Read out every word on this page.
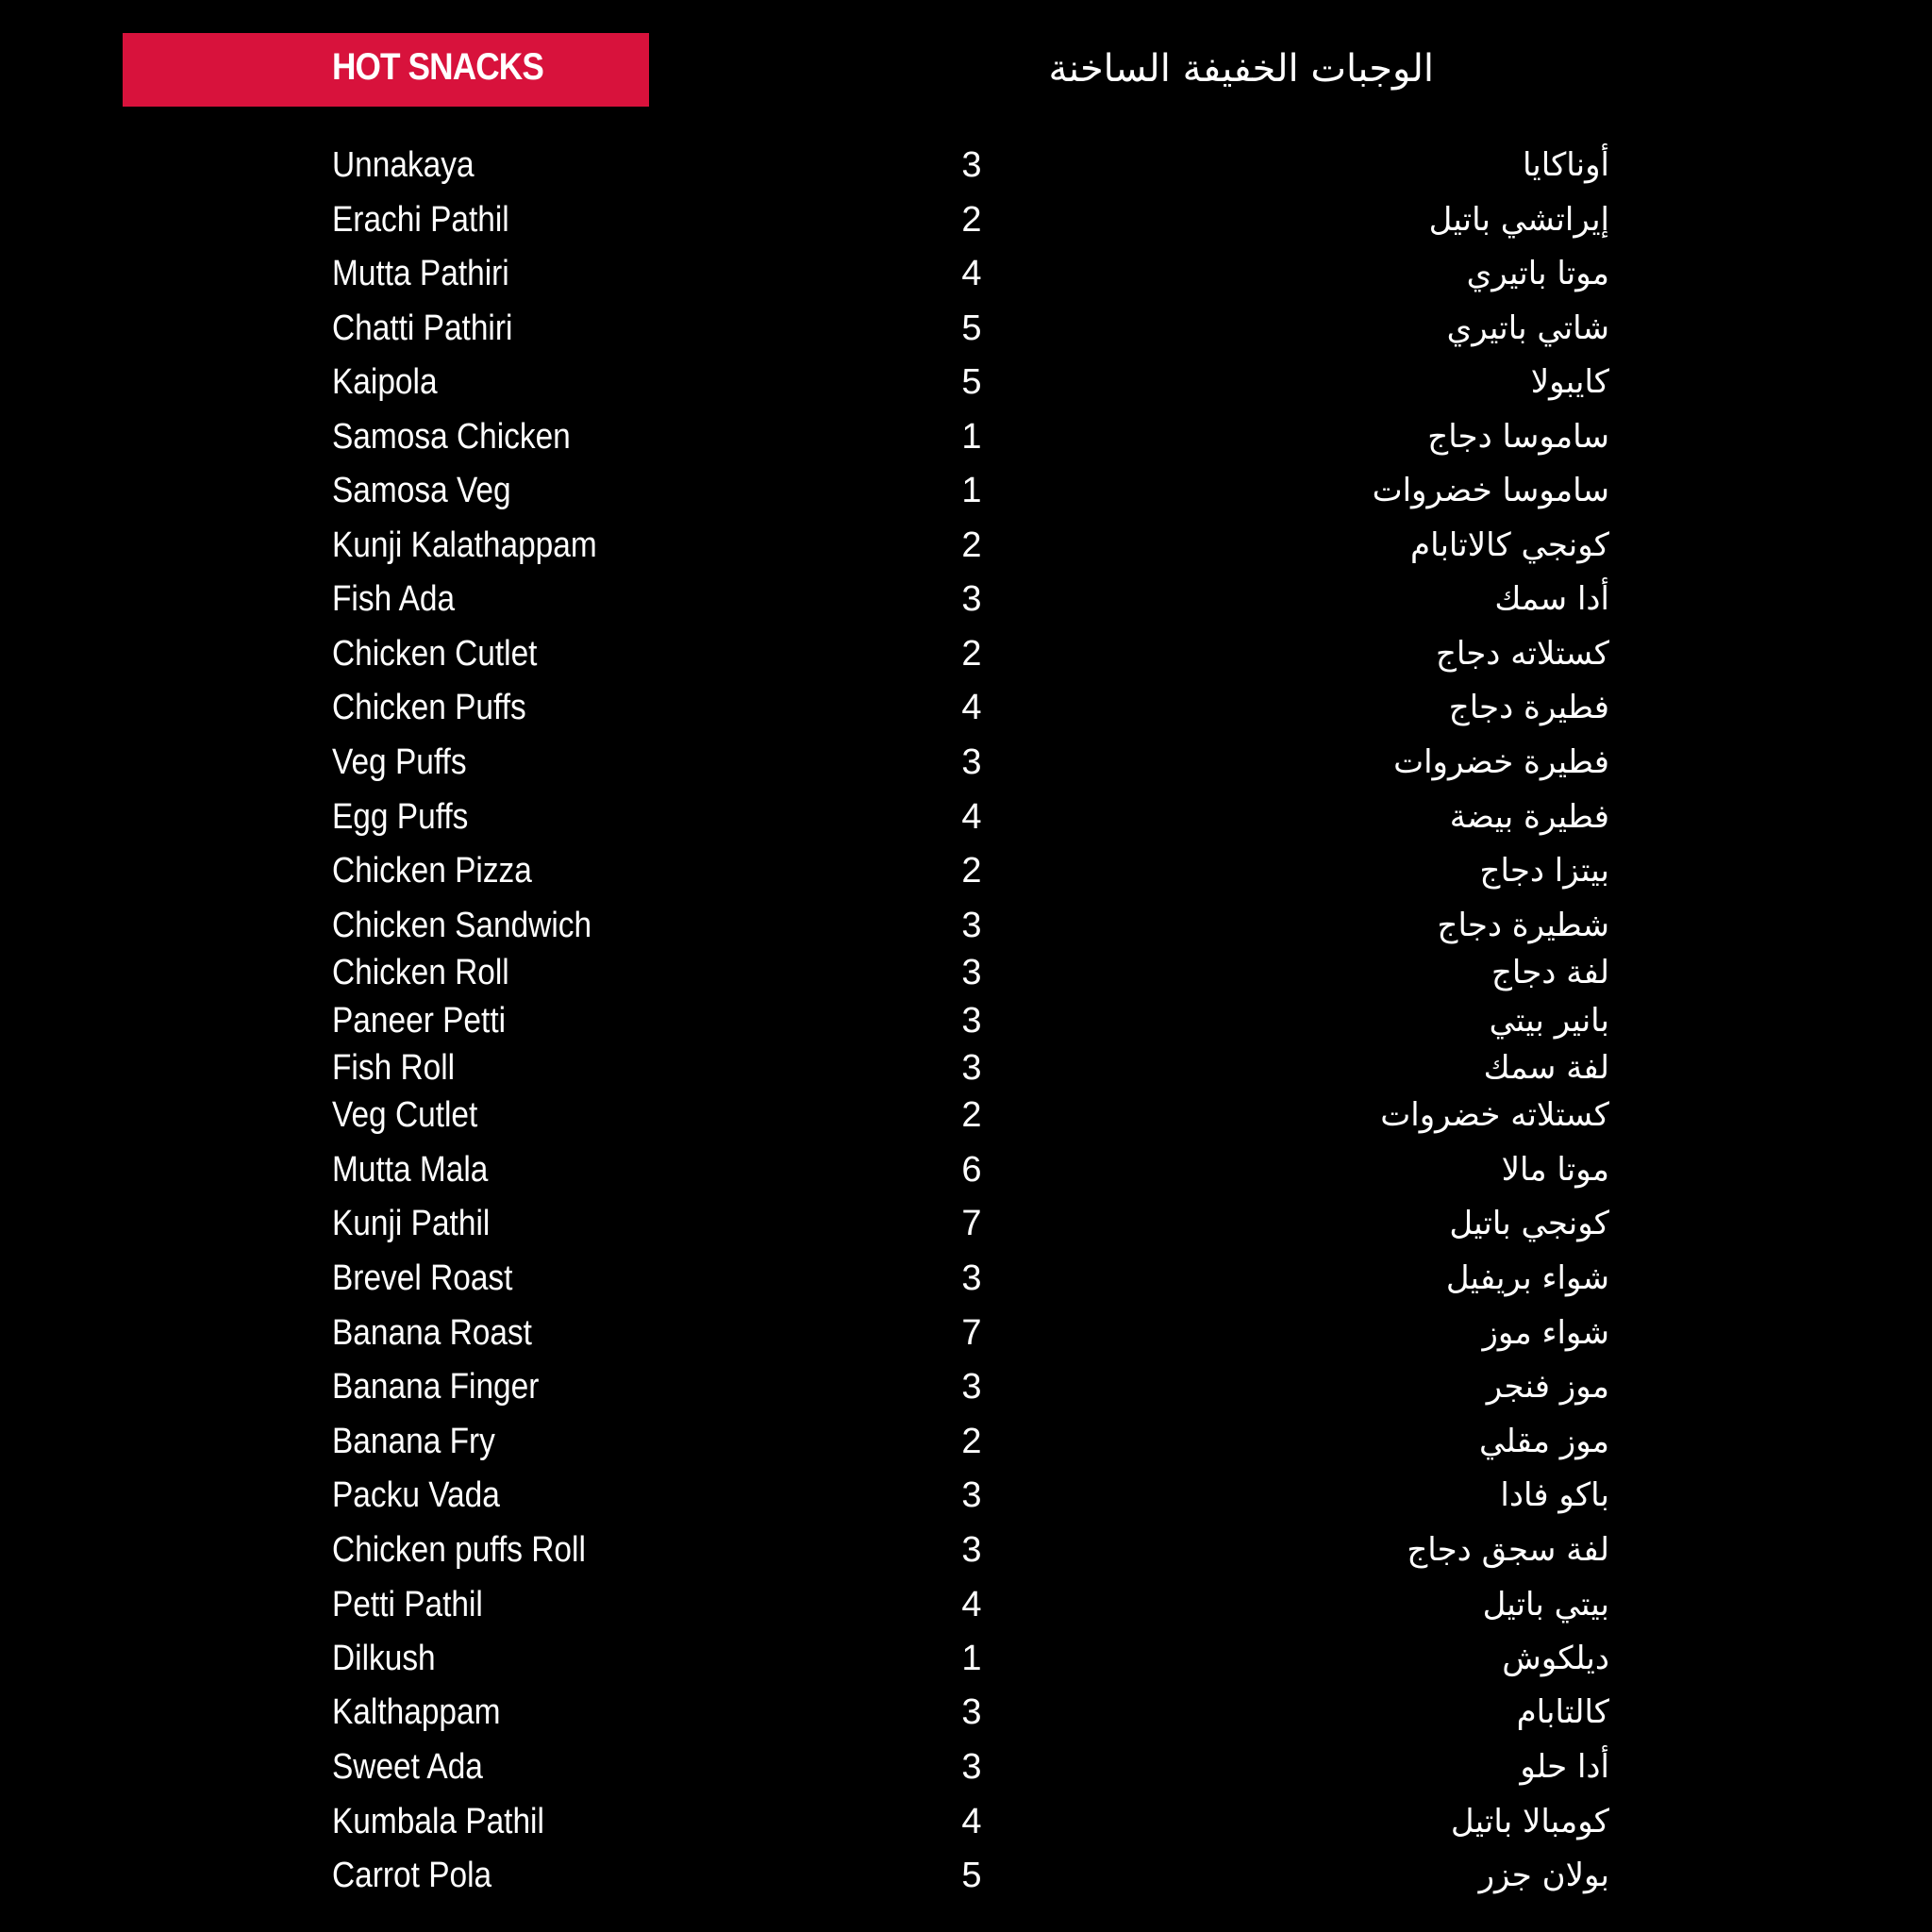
HOT SNACKS	الوجبات الخفيفة الساخنة
Unnakaya	3	أوناكايا
Erachi Pathil	2	إيراتشي باتيل
Mutta Pathiri	4	موتا باتيري
Chatti Pathiri	5	شاتي باتيري
Kaipola	5	كايبولا
Samosa Chicken	1	ساموسا دجاج
Samosa Veg	1	ساموسا خضروات
Kunji Kalathappam	2	كونجي كالاتابام
Fish Ada	3	أدا سمك
Chicken Cutlet	2	كستلاته دجاج
Chicken Puffs	4	فطيرة دجاج
Veg Puffs	3	فطيرة خضروات
Egg Puffs	4	فطيرة بيضة
Chicken Pizza	2	بيتزا دجاج
Chicken Sandwich	3	شطيرة دجاج
Chicken Roll	3	لفة دجاج
Paneer Petti	3	بانير بيتي
Fish Roll	3	لفة سمك
Veg Cutlet	2	كستلاته خضروات
Mutta Mala	6	موتا مالا
Kunji Pathil	7	كونجي باتيل
Brevel Roast	3	شواء بريفيل
Banana Roast	7	شواء موز
Banana Finger	3	موز فنجر
Banana Fry	2	موز مقلي
Packu Vada	3	باكو فادا
Chicken puffs Roll	3	لفة سجق دجاج
Petti Pathil	4	بيتي باتيل
Dilkush	1	ديلكوش
Kalthappam	3	كالتابام
Sweet Ada	3	أدا حلو
Kumbala Pathil	4	كومبالا باتيل
Carrot Pola	5	بولان جزر
